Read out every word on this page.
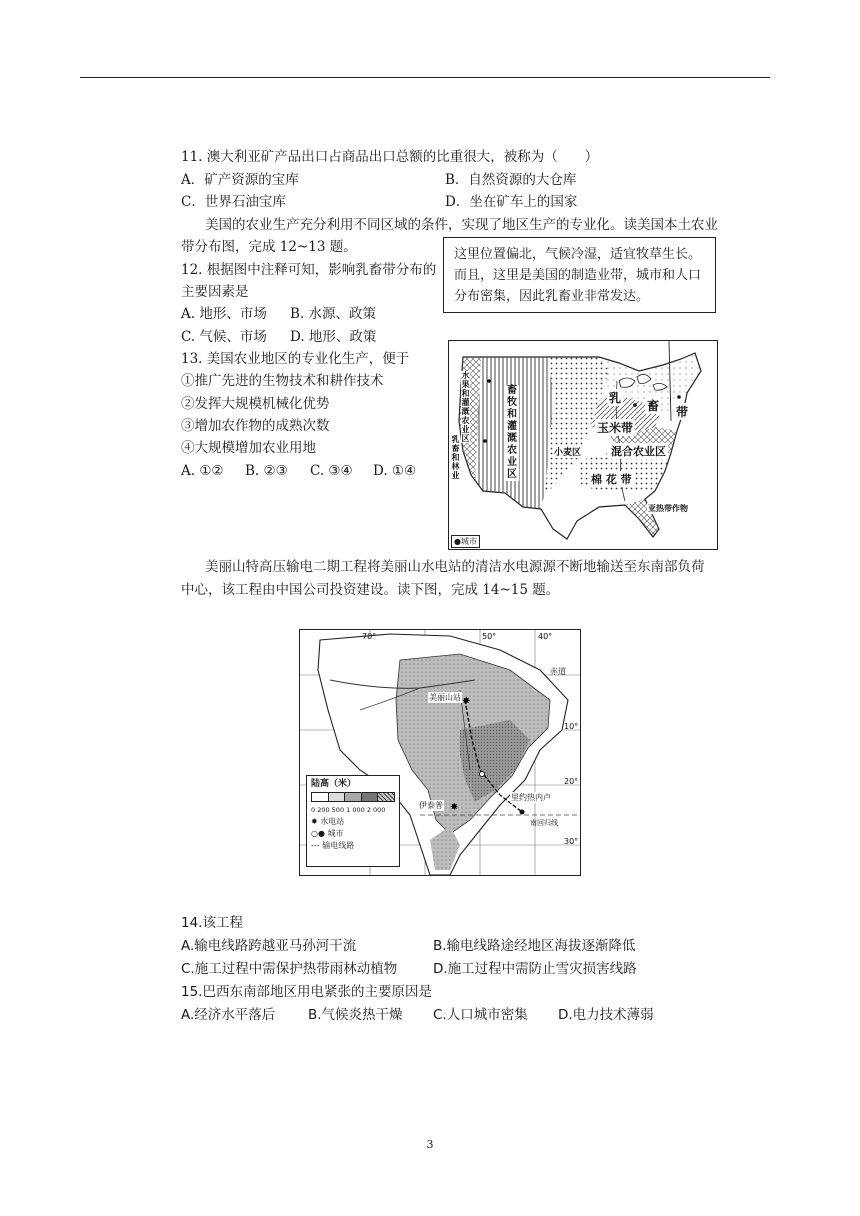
11. 澳大利亚矿产品出口占商品出口总额的比重很大，被称为（　　）
A．矿产资源的宝库	B．自然资源的大仓库
C．世界石油宝库	D．坐在矿车上的国家
美国的农业生产充分利用不同区域的条件，实现了地区生产的专业化。读美国本土农业
带分布图，完成 12~13 题。	这里位置偏北，气候冷湿，适宜牧草生长。而且，这里是美国的制造业带，城市和人口分布密集，因此乳畜业非常发达。
12. 根据图中注释可知，影响乳畜带分布的
主要因素是
A. 地形、市场 B. 水源、政策
C. 气候、市场 D. 地形、政策
13. 美国农业地区的专业化生产，便于
①推广先进的生物技术和耕作技术
②发挥大规模机械化优势
③增加农作物的成熟次数
④大规模增加农业用地
A. ①② B. ②③ C. ③④ D. ①④
乳
畜 带
玉米带
小麦区	混合农业区
棉 花 带
亚热带作物
畜牧和灌溉农业区
水果和灌溉农业区
乳畜和林业
●城市
美丽山特高压输电二期工程将美丽山水电站的清洁水电源源不断地输送至东南部负荷
中心，该工程由中国公司投资建设。读下图，完成 14~15 题。
✸
✸
70°	50°	40°
赤道
10°
20°
30°
美丽山站
里约热内卢
伊泰普
南回归线
陆高（米）
0 200 500 1 000 2 000
✸ 水电站
○● 城市
--- 输电线路
14.该工程
A.输电线路跨越亚马孙河干流	B.输电线路途经地区海拔逐渐降低
C.施工过程中需保护热带雨林动植物	D.施工过程中需防止雪灾损害线路
15.巴西东南部地区用电紧张的主要原因是
A.经济水平落后 B.气候炎热干燥 C.人口城市密集 D.电力技术薄弱
3
